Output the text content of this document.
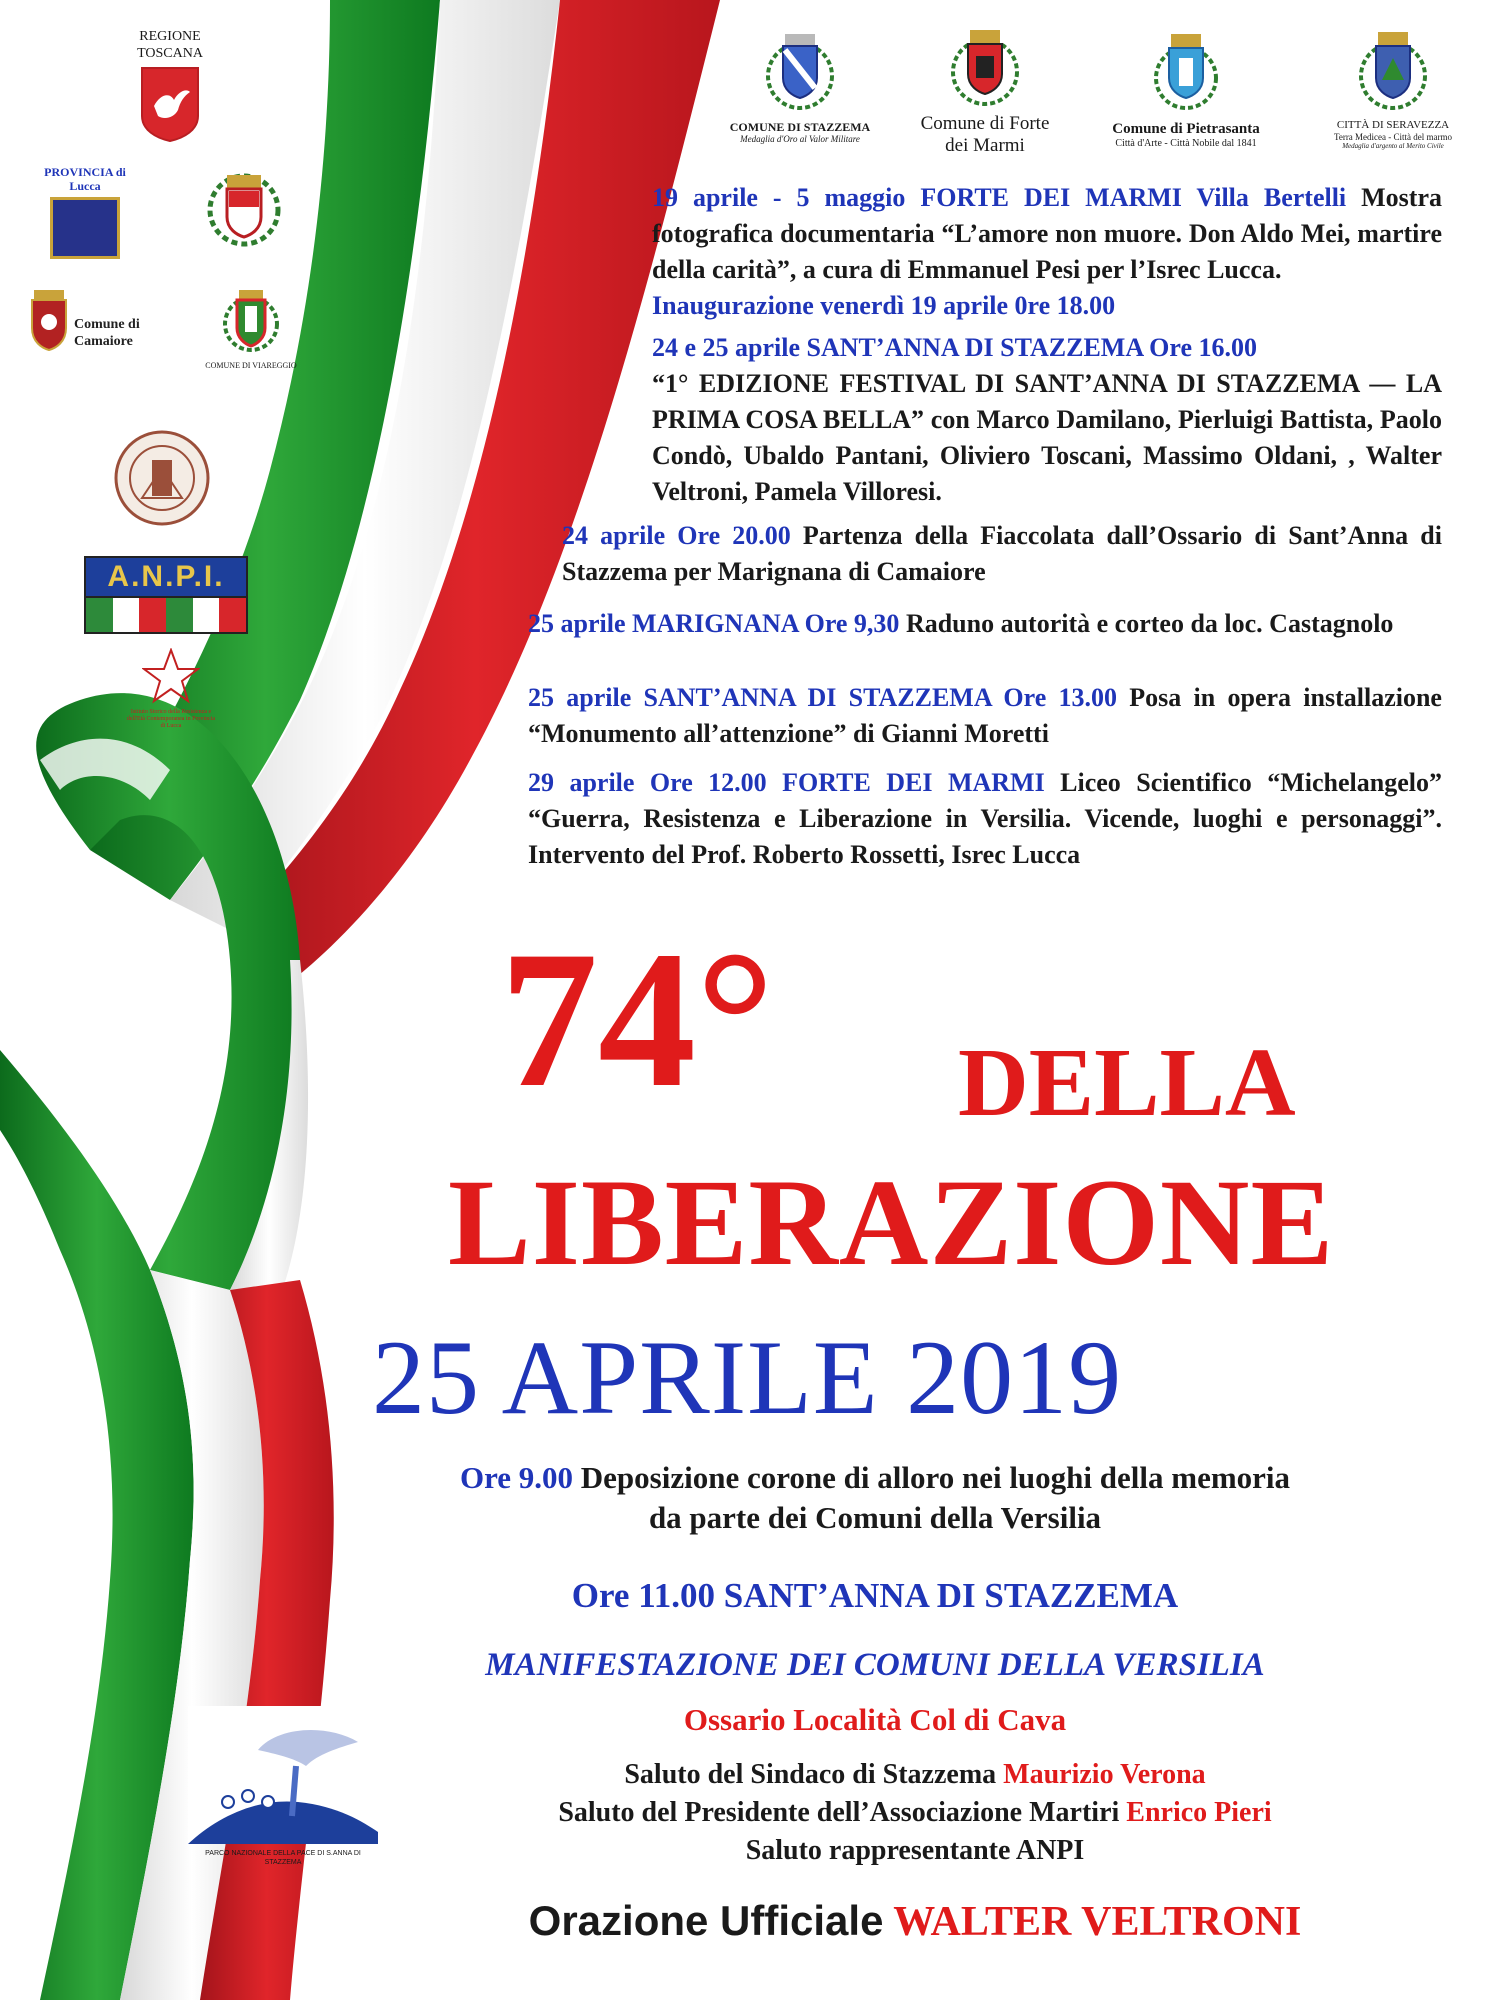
REGIONE TOSCANA
PROVINCIA di Lucca
Comune di Camaiore
COMUNE DI VIAREGGIO
A.N.P.I.
Istituto Storico della Resistenza e dell'Età Contemporanea in Provincia di Lucca
COMUNE DI STAZZEMA
Medaglia d'Oro al Valor Militare
Comune di Forte dei Marmi
Comune di Pietrasanta
Città d'Arte - Città Nobile dal 1841
CITTÀ DI SERAVEZZA
Terra Medicea - Città del marmo
Medaglia d'argento al Merito Civile
19 aprile - 5 maggio FORTE DEI MARMI Villa Bertelli Mostra fotografica documentaria “L’amore non muore. Don Aldo Mei, martire della carità”, a cura di Emmanuel Pesi per l’Isrec Lucca.
Inaugurazione venerdì 19 aprile 0re 18.00
24 e 25 aprile SANT’ANNA DI STAZZEMA Ore 16.00
“1° EDIZIONE FESTIVAL DI SANT’ANNA DI STAZZEMA — LA PRIMA COSA BELLA” con Marco Damilano, Pierluigi Battista, Paolo Condò, Ubaldo Pantani, Oliviero Toscani, Massimo Oldani, , Walter Veltroni, Pamela Villoresi.
24 aprile Ore 20.00 Partenza della Fiaccolata dall’Ossario di Sant’Anna di Stazzema per Marignana di Camaiore
25 aprile MARIGNANA Ore 9,30 Raduno autorità e corteo da loc. Castagnolo
25 aprile SANT’ANNA DI STAZZEMA Ore 13.00 Posa in opera installazione “Monumento all’attenzione” di Gianni Moretti
29 aprile Ore 12.00 FORTE DEI MARMI Liceo Scientifico “Michelangelo” “Guerra, Resistenza e Liberazione in Versilia. Vicende, luoghi e personaggi”. Intervento del Prof. Roberto Rossetti, Isrec Lucca
74° DELLA
LIBERAZIONE
25 APRILE 2019
Ore 9.00 Deposizione corone di alloro nei luoghi della memoria
da parte dei Comuni della Versilia
Ore 11.00 SANT’ANNA DI STAZZEMA
MANIFESTAZIONE DEI COMUNI DELLA VERSILIA
Ossario Località Col di Cava
Saluto del Sindaco di Stazzema Maurizio Verona
Saluto del Presidente dell’Associazione Martiri Enrico Pieri
Saluto rappresentante ANPI
Orazione Ufficiale WALTER VELTRONI
PARCO NAZIONALE DELLA PACE DI S.ANNA DI STAZZEMA
